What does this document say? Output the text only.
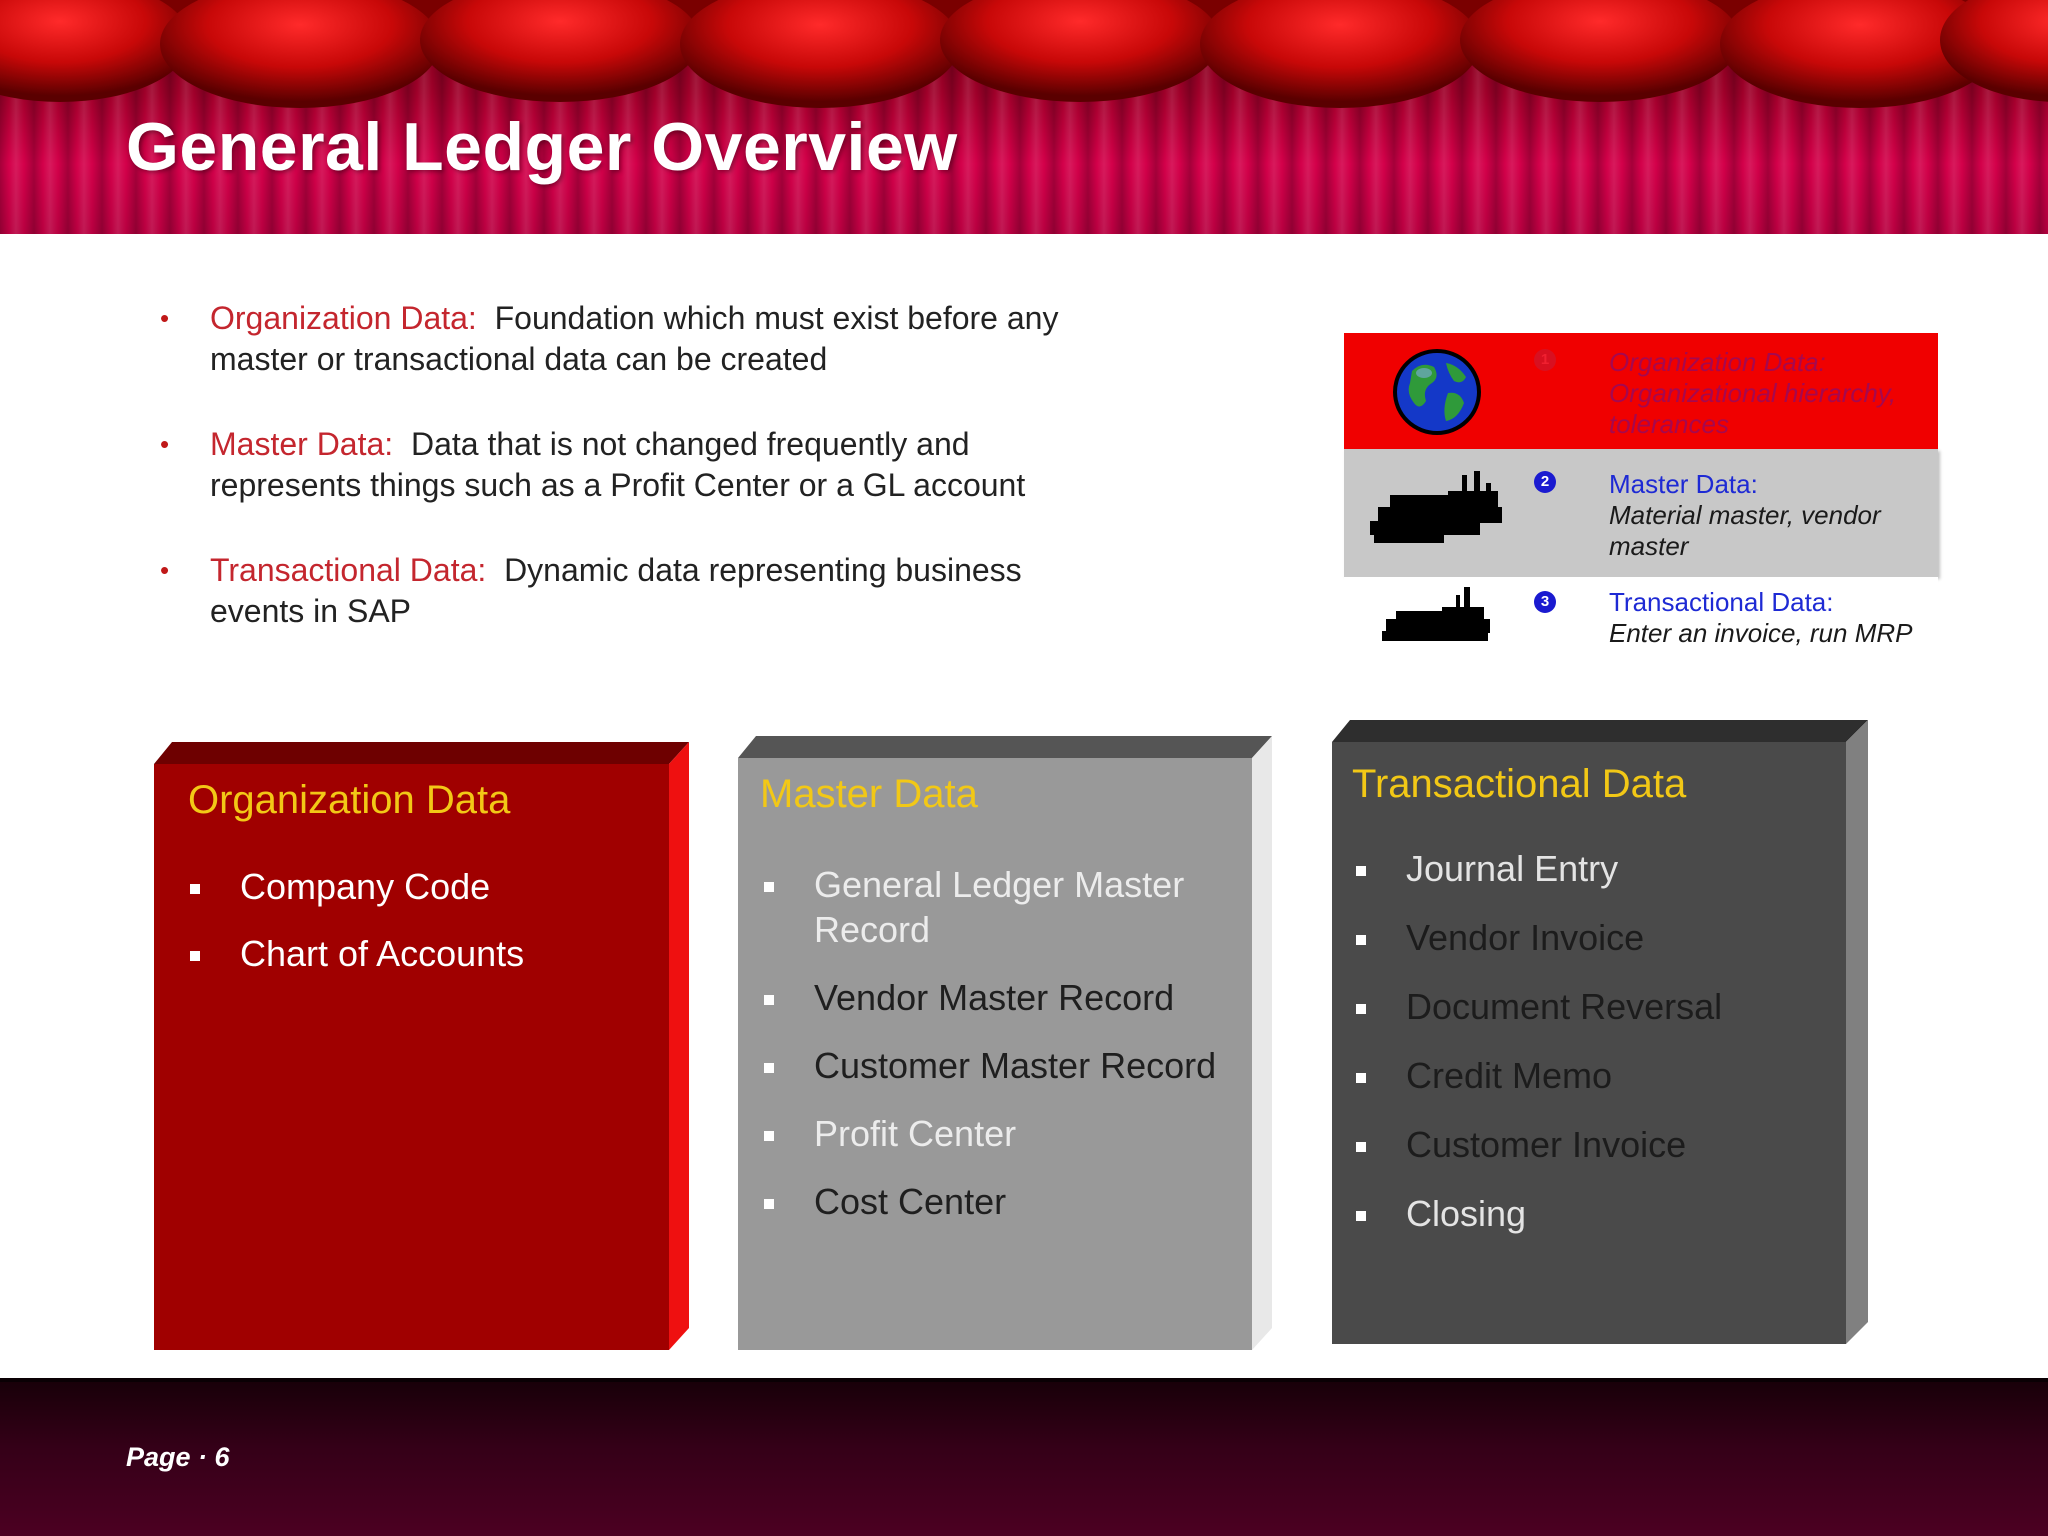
General Ledger Overview
• Organization Data: Foundation which must exist before any master or transactional data can be created
• Master Data: Data that is not changed frequently and represents things such as a Profit Center or a GL account
• Transactional Data: Dynamic data representing business events in SAP
1 Organization Data:
Organizational hierarchy, tolerances
2 Master Data:
Material master, vendor master
3 Transactional Data:
Enter an invoice, run MRP
Organization Data
Company Code
Chart of Accounts
Master Data
General Ledger Master Record
Vendor Master Record
Customer Master Record
Profit Center
Cost Center
Transactional Data
Journal Entry
Vendor Invoice
Document Reversal
Credit Memo
Customer Invoice
Closing
Page · 6
